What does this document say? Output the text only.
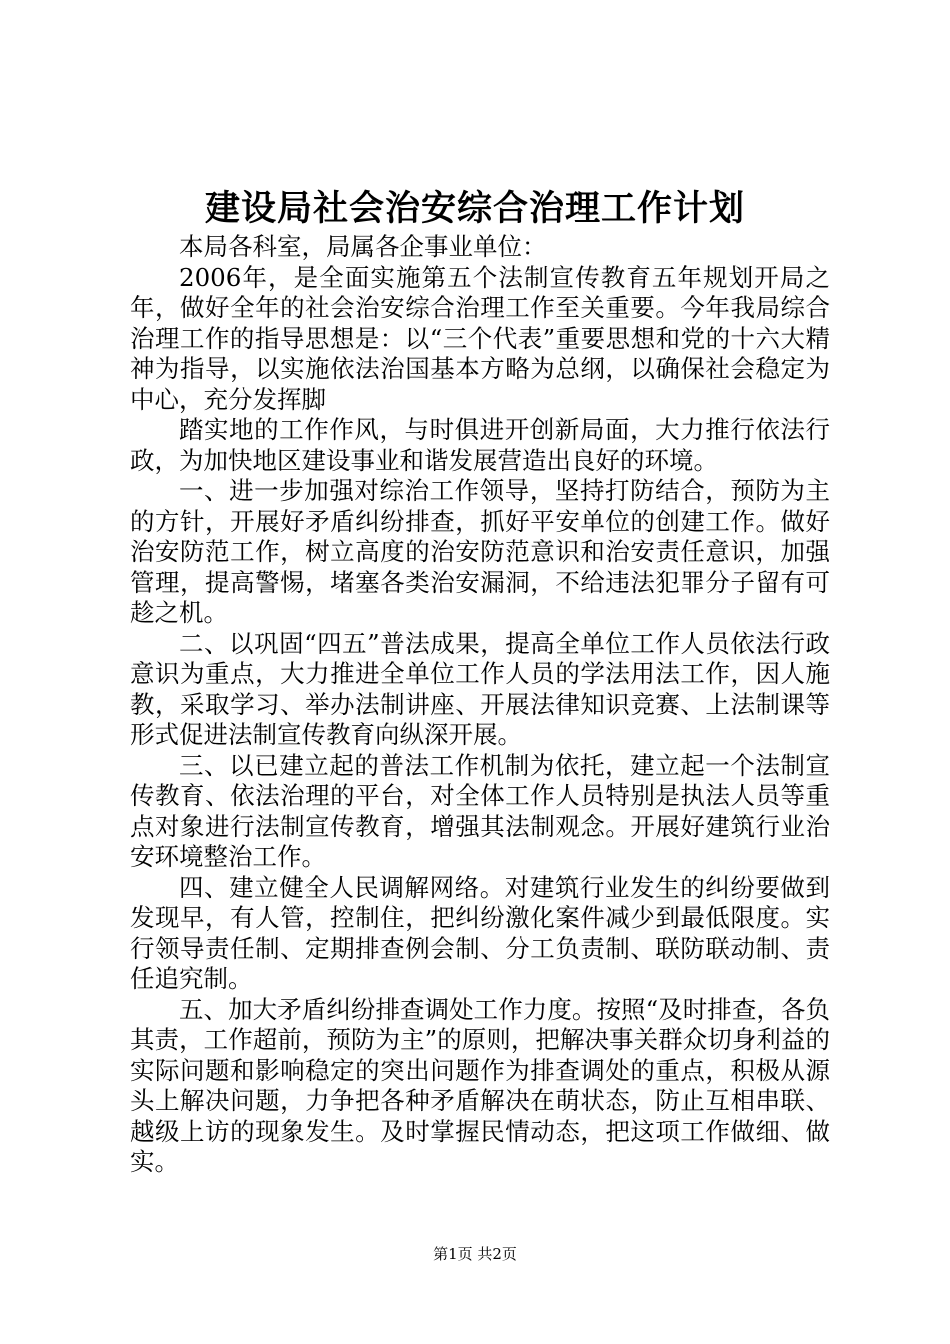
建设局社会治安综合治理工作计划

本局各科室，局属各企事业单位：

2006年，是全面实施第五个法制宣传教育五年规划开局之年，做好全年的社会治安综合治理工作至关重要。今年我局综合治理工作的指导思想是：以“三个代表”重要思想和党的十六大精神为指导，以实施依法治国基本方略为总纲，以确保社会稳定为中心，充分发挥脚

踏实地的工作作风，与时俱进开创新局面，大力推行依法行政，为加快地区建设事业和谐发展营造出良好的环境。

一、进一步加强对综治工作领导，坚持打防结合，预防为主的方针，开展好矛盾纠纷排查，抓好平安单位的创建工作。做好治安防范工作，树立高度的治安防范意识和治安责任意识，加强管理，提高警惕，堵塞各类治安漏洞，不给违法犯罪分子留有可趁之机。

二、以巩固“四五”普法成果，提高全单位工作人员依法行政意识为重点，大力推进全单位工作人员的学法用法工作，因人施教，采取学习、举办法制讲座、开展法律知识竞赛、上法制课等形式促进法制宣传教育向纵深开展。

三、以已建立起的普法工作机制为依托，建立起一个法制宣传教育、依法治理的平台，对全体工作人员特别是执法人员等重点对象进行法制宣传教育，增强其法制观念。开展好建筑行业治安环境整治工作。

四、建立健全人民调解网络。对建筑行业发生的纠纷要做到发现早，有人管，控制住，把纠纷激化案件减少到最低限度。实行领导责任制、定期排查例会制、分工负责制、联防联动制、责任追究制。

五、加大矛盾纠纷排查调处工作力度。按照“及时排查，各负其责，工作超前，预防为主”的原则，把解决事关群众切身利益的实际问题和影响稳定的突出问题作为排查调处的重点，积极从源头上解决问题，力争把各种矛盾解决在萌状态，防止互相串联、越级上访的现象发生。及时掌握民情动态，把这项工作做细、做实。

第1页 共2页
